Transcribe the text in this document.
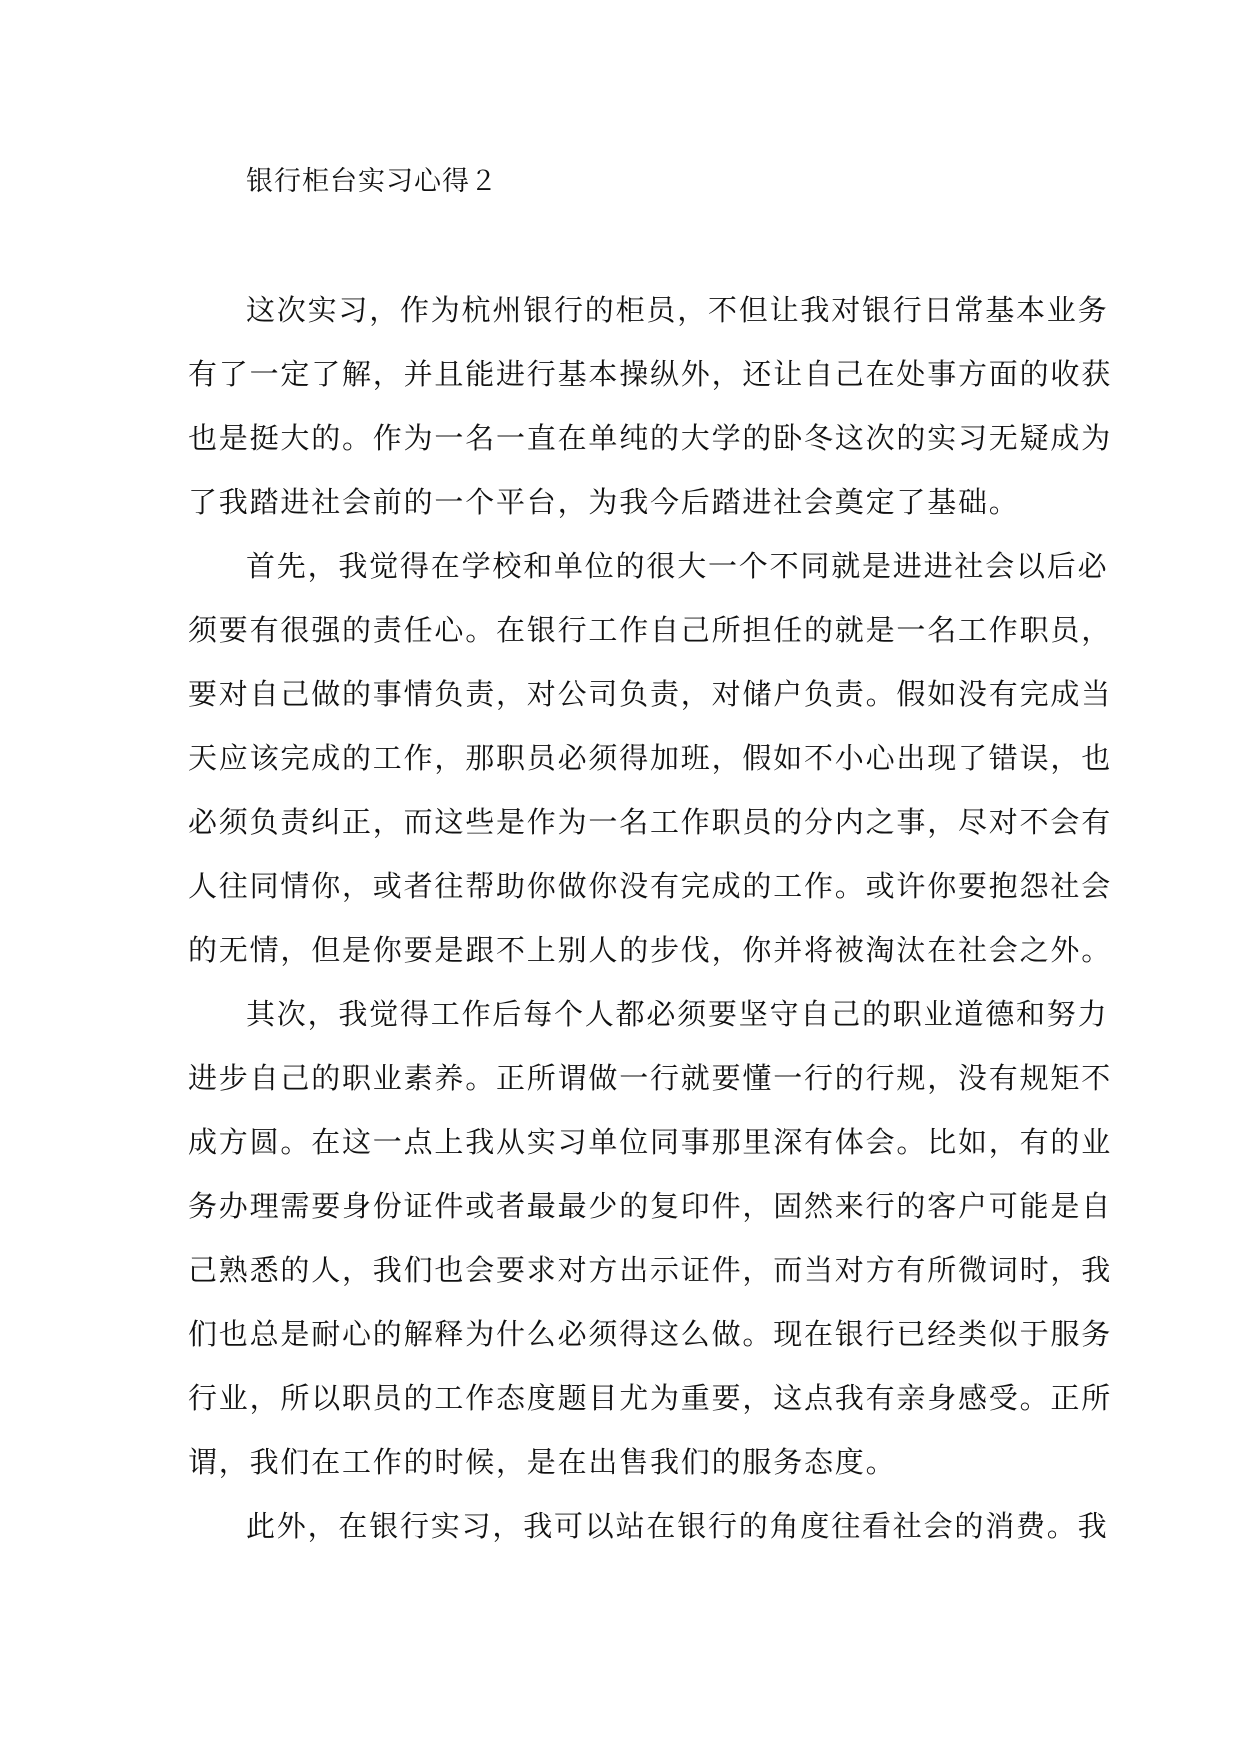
银行柜台实习心得２
这次实习，作为杭州银行的柜员，不但让我对银行日常基本业务
有了一定了解，并且能进行基本操纵外，还让自己在处事方面的收获
也是挺大的。作为一名一直在单纯的大学的卧冬这次的实习无疑成为
了我踏进社会前的一个平台，为我今后踏进社会奠定了基础。
首先，我觉得在学校和单位的很大一个不同就是进进社会以后必
须要有很强的责任心。在银行工作自己所担任的就是一名工作职员，
要对自己做的事情负责，对公司负责，对储户负责。假如没有完成当
天应该完成的工作，那职员必须得加班，假如不小心出现了错误，也
必须负责纠正，而这些是作为一名工作职员的分内之事，尽对不会有
人往同情你，或者往帮助你做你没有完成的工作。或许你要抱怨社会
的无情，但是你要是跟不上别人的步伐，你并将被淘汰在社会之外。
其次，我觉得工作后每个人都必须要坚守自己的职业道德和努力
进步自己的职业素养。正所谓做一行就要懂一行的行规，没有规矩不
成方圆。在这一点上我从实习单位同事那里深有体会。比如，有的业
务办理需要身份证件或者最最少的复印件，固然来行的客户可能是自
己熟悉的人，我们也会要求对方出示证件，而当对方有所微词时，我
们也总是耐心的解释为什么必须得这么做。现在银行已经类似于服务
行业，所以职员的工作态度题目尤为重要，这点我有亲身感受。正所
谓，我们在工作的时候，是在出售我们的服务态度。
此外，在银行实习，我可以站在银行的角度往看社会的消费。我
